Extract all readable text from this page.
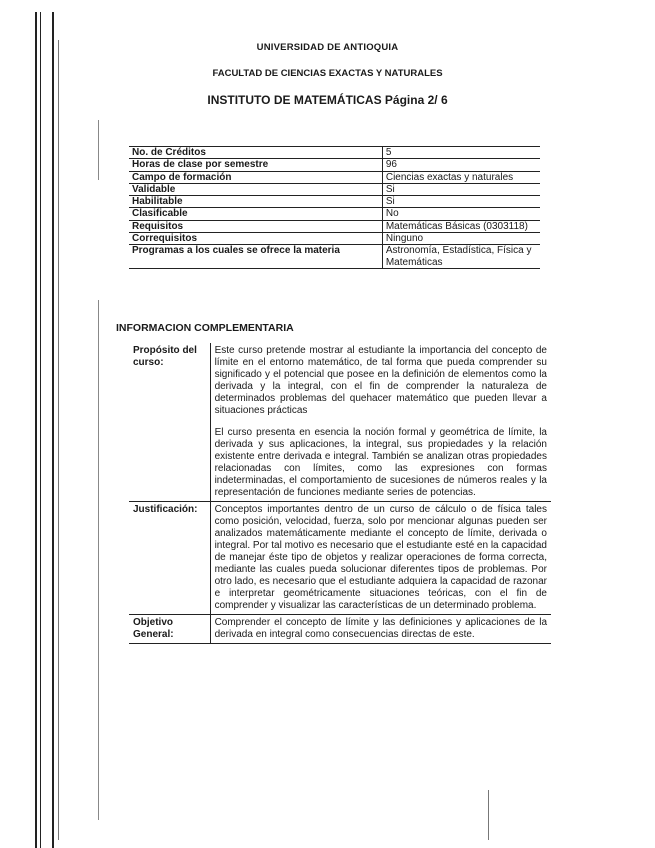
UNIVERSIDAD DE ANTIOQUIA
FACULTAD DE CIENCIAS EXACTAS Y NATURALES
INSTITUTO DE MATEMÁTICAS Página 2/ 6
No. de Créditos	5
Horas de clase por semestre	96
Campo de formación	Ciencias exactas y naturales
Validable	Si
Habilitable	Si
Clasificable	No
Requisitos	Matemáticas Básicas (0303118)
Correquisitos	Ninguno
Programas a los cuales se ofrece la materia	Astronomía, Estadística, Física y Matemáticas
INFORMACION COMPLEMENTARIA
Propósito del curso:	Este curso pretende mostrar al estudiante la importancia del concepto de límite en el entorno matemático, de tal forma que pueda comprender su significado y el potencial que posee en la definición de elementos como la derivada y la integral, con el fin de comprender la naturaleza de determinados problemas del quehacer matemático que pueden llevar a situaciones prácticas

El curso presenta en esencia la noción formal y geométrica de límite, la derivada y sus aplicaciones, la integral, sus propiedades y la relación existente entre derivada e integral. También se analizan otras propiedades relacionadas con límites, como las expresiones con formas indeterminadas, el comportamiento de sucesiones de números reales y la representación de funciones mediante series de potencias.

Justificación:	Conceptos importantes dentro de un curso de cálculo o de física tales como posición, velocidad, fuerza, solo por mencionar algunas pueden ser analizados matemáticamente mediante el concepto de límite, derivada o integral. Por tal motivo es necesario que el estudiante esté en la capacidad de manejar éste tipo de objetos y realizar operaciones de forma correcta, mediante las cuales pueda solucionar diferentes tipos de problemas. Por otro lado, es necesario que el estudiante adquiera la capacidad de razonar e interpretar geométricamente situaciones teóricas, con el fin de comprender y visualizar las características de un determinado problema.
Objetivo General:	Comprender el concepto de límite y las definiciones y aplicaciones de la derivada en integral como consecuencias directas de este.
